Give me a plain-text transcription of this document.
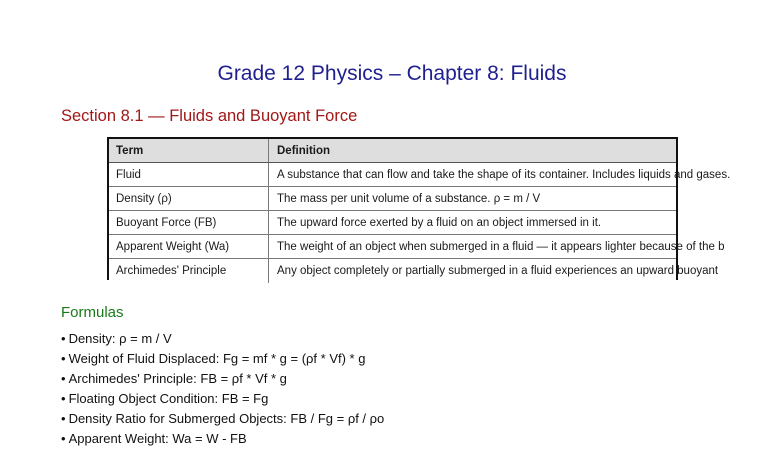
Grade 12 Physics – Chapter 8: Fluids
Section 8.1 — Fluids and Buoyant Force
Term	Definition
Fluid	A substance that can flow and take the shape of its container. Includes liquids and gases.
Density (ρ)	The mass per unit volume of a substance. ρ = m / V
Buoyant Force (FB)	The upward force exerted by a fluid on an object immersed in it.
Apparent Weight (Wa)	The weight of an object when submerged in a fluid — it appears lighter because of the b
Archimedes' Principle	Any object completely or partially submerged in a fluid experiences an upward buoyant
Formulas
• Density: ρ = m / V
• Weight of Fluid Displaced: Fg = mf * g = (ρf * Vf) * g
• Archimedes' Principle: FB = ρf * Vf * g
• Floating Object Condition: FB = Fg
• Density Ratio for Submerged Objects: FB / Fg = ρf / ρo
• Apparent Weight: Wa = W - FB
